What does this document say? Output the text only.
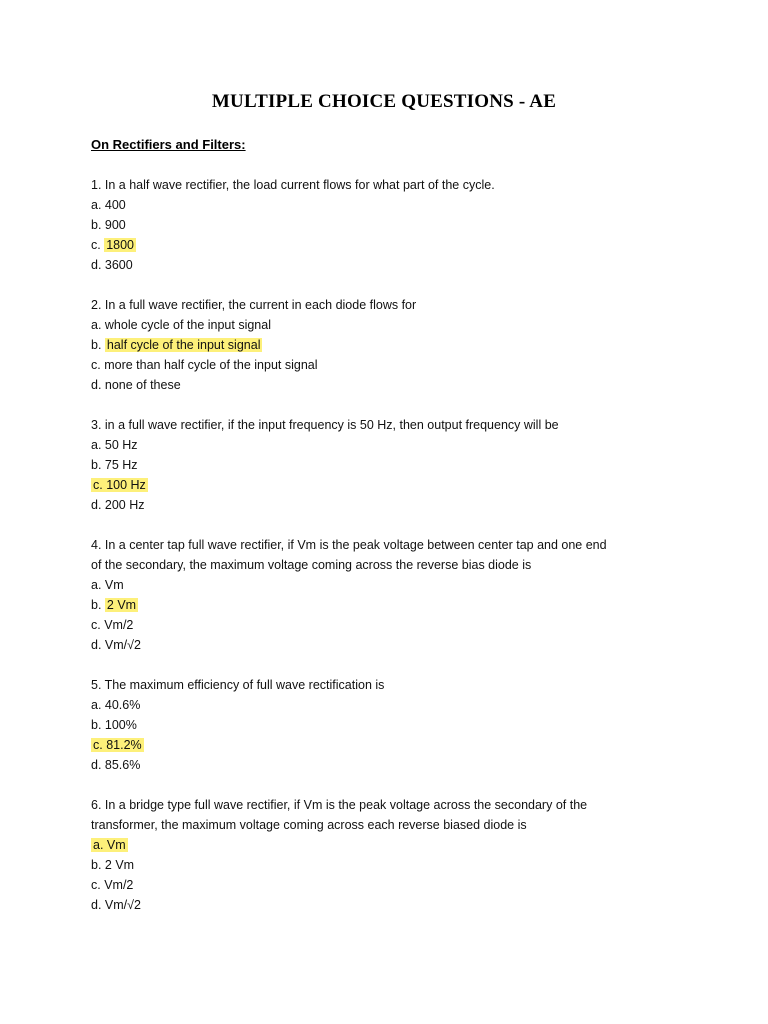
MULTIPLE CHOICE QUESTIONS - AE
On Rectifiers and Filters:
1. In a half wave rectifier, the load current flows for what part of the cycle.
a. 400
b. 900
c. 1800
d. 3600
2. In a full wave rectifier, the current in each diode flows for
a. whole cycle of the input signal
b. half cycle of the input signal
c. more than half cycle of the input signal
d. none of these
3. in a full wave rectifier, if the input frequency is 50 Hz, then output frequency will be
a. 50 Hz
b. 75 Hz
c. 100 Hz
d. 200 Hz
4. In a center tap full wave rectifier, if Vm is the peak voltage between center tap and one end
of the secondary, the maximum voltage coming across the reverse bias diode is
a. Vm
b. 2 Vm
c. Vm/2
d. Vm/√2
5. The maximum efficiency of full wave rectification is
a. 40.6%
b. 100%
c. 81.2%
d. 85.6%
6. In a bridge type full wave rectifier, if Vm is the peak voltage across the secondary of the
transformer, the maximum voltage coming across each reverse biased diode is
a. Vm
b. 2 Vm
c. Vm/2
d. Vm/√2
